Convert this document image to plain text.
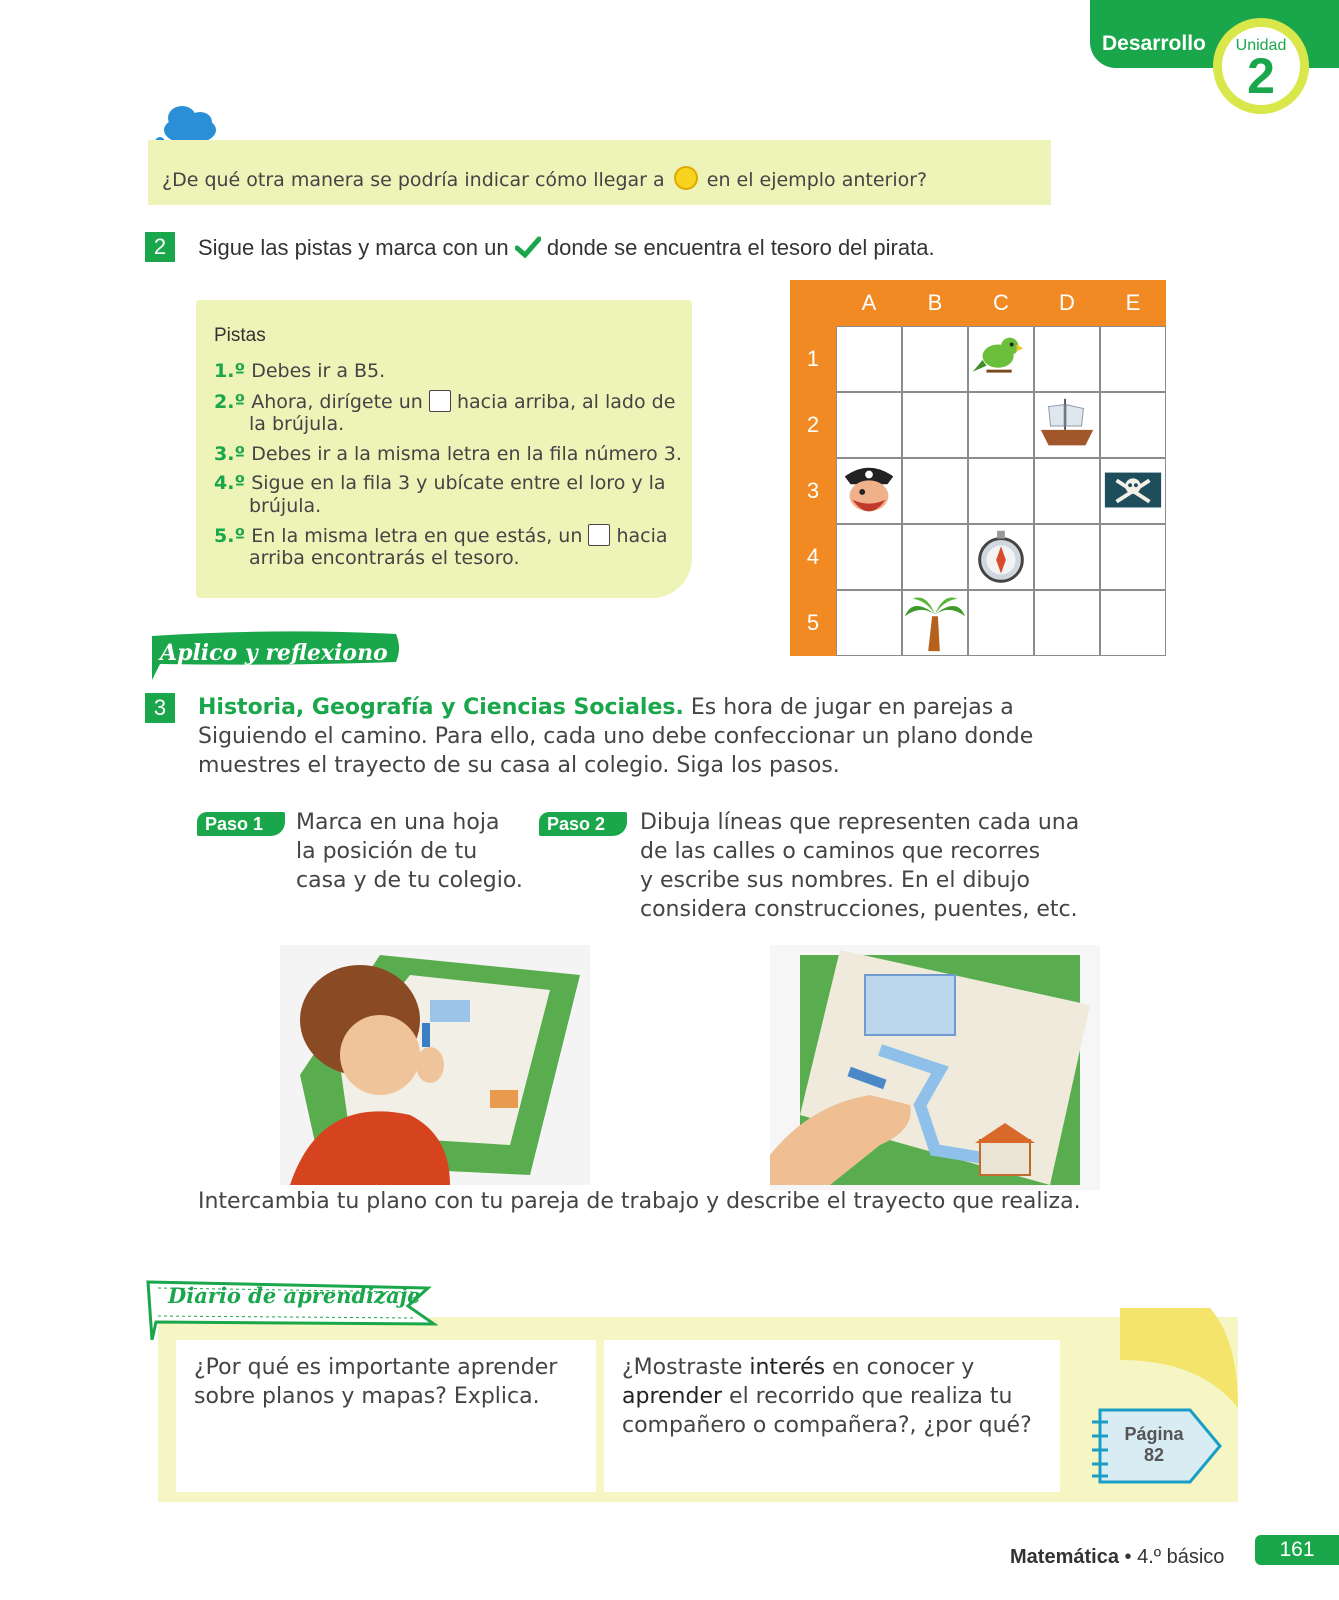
Desarrollo	Unidad
2
¿De qué otra manera se podría indicar cómo llegar a en el ejemplo anterior?
2	Sigue las pistas y marca con un donde se encuentra el tesoro del pirata.
Pistas
1.º Debes ir a B5.
2.º Ahora, dirígete un hacia arriba, al lado de
la brújula.
3.º Debes ir a la misma letra en la fila número 3.
4.º Sigue en la fila 3 y ubícate entre el loro y la
brújula.
5.º En la misma letra en que estás, un hacia
arriba encontrarás el tesoro.
A	B	C	D	E
1
2
3
4
5
Aplico y reflexiono
3	Historia, Geografía y Ciencias Sociales. Es hora de jugar en parejas a
Siguiendo el camino. Para ello, cada uno debe confeccionar un plano donde
muestres el trayecto de su casa al colegio. Siga los pasos.
Paso 1	Marca en una hoja
la posición de tu
casa y de tu colegio.
Paso 2	Dibuja líneas que representen cada una
de las calles o caminos que recorres
y escribe sus nombres. En el dibujo
considera construcciones, puentes, etc.
Intercambia tu plano con tu pareja de trabajo y describe el trayecto que realiza.
Diario de aprendizaje
¿Por qué es importante aprender
sobre planos y mapas? Explica.
¿Mostraste interés en conocer y
aprender el recorrido que realiza tu
compañero o compañera?, ¿por qué?	Página
82
Matemática • 4.º básico	161
